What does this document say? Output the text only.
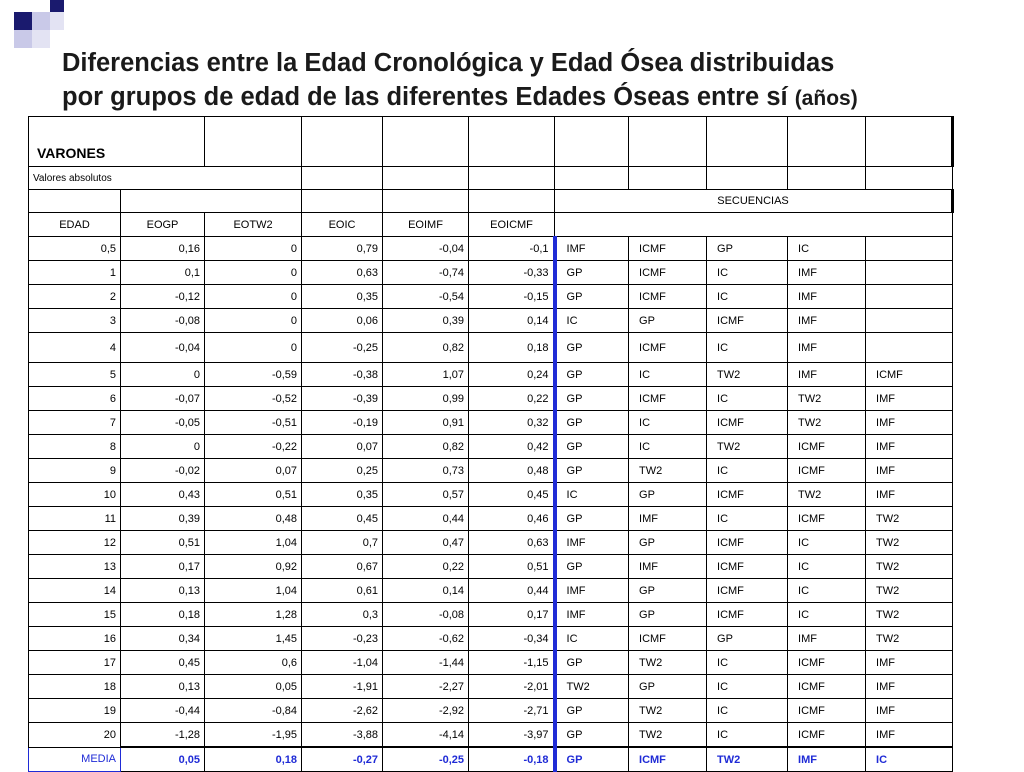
Diferencias entre la Edad Cronológica y Edad Ósea distribuidas
por grupos de edad de las diferentes Edades Óseas entre sí (años)
VARONES										
Valores absolutos										
						SECUENCIAS				
EDAD	EOGP	EOTW2	EOIC	EOIMF	EOICMF					
0,5	0,16	0	0,79	-0,04	-0,1	IMF	ICMF	GP	IC	
1	0,1	0	0,63	-0,74	-0,33	GP	ICMF	IC	IMF	
2	-0,12	0	0,35	-0,54	-0,15	GP	ICMF	IC	IMF	
3	-0,08	0	0,06	0,39	0,14	IC	GP	ICMF	IMF	
4	-0,04	0	-0,25	0,82	0,18	GP	ICMF	IC	IMF	
5	0	-0,59	-0,38	1,07	0,24	GP	IC	TW2	IMF	ICMF
6	-0,07	-0,52	-0,39	0,99	0,22	GP	ICMF	IC	TW2	IMF
7	-0,05	-0,51	-0,19	0,91	0,32	GP	IC	ICMF	TW2	IMF
8	0	-0,22	0,07	0,82	0,42	GP	IC	TW2	ICMF	IMF
9	-0,02	0,07	0,25	0,73	0,48	GP	TW2	IC	ICMF	IMF
10	0,43	0,51	0,35	0,57	0,45	IC	GP	ICMF	TW2	IMF
11	0,39	0,48	0,45	0,44	0,46	GP	IMF	IC	ICMF	TW2
12	0,51	1,04	0,7	0,47	0,63	IMF	GP	ICMF	IC	TW2
13	0,17	0,92	0,67	0,22	0,51	GP	IMF	ICMF	IC	TW2
14	0,13	1,04	0,61	0,14	0,44	IMF	GP	ICMF	IC	TW2
15	0,18	1,28	0,3	-0,08	0,17	IMF	GP	ICMF	IC	TW2
16	0,34	1,45	-0,23	-0,62	-0,34	IC	ICMF	GP	IMF	TW2
17	0,45	0,6	-1,04	-1,44	-1,15	GP	TW2	IC	ICMF	IMF
18	0,13	0,05	-1,91	-2,27	-2,01	TW2	GP	IC	ICMF	IMF
19	-0,44	-0,84	-2,62	-2,92	-2,71	GP	TW2	IC	ICMF	IMF
20	-1,28	-1,95	-3,88	-4,14	-3,97	GP	TW2	IC	ICMF	IMF
MEDIA	0,05	0,18	-0,27	-0,25	-0,18	GP	ICMF	TW2	IMF	IC
